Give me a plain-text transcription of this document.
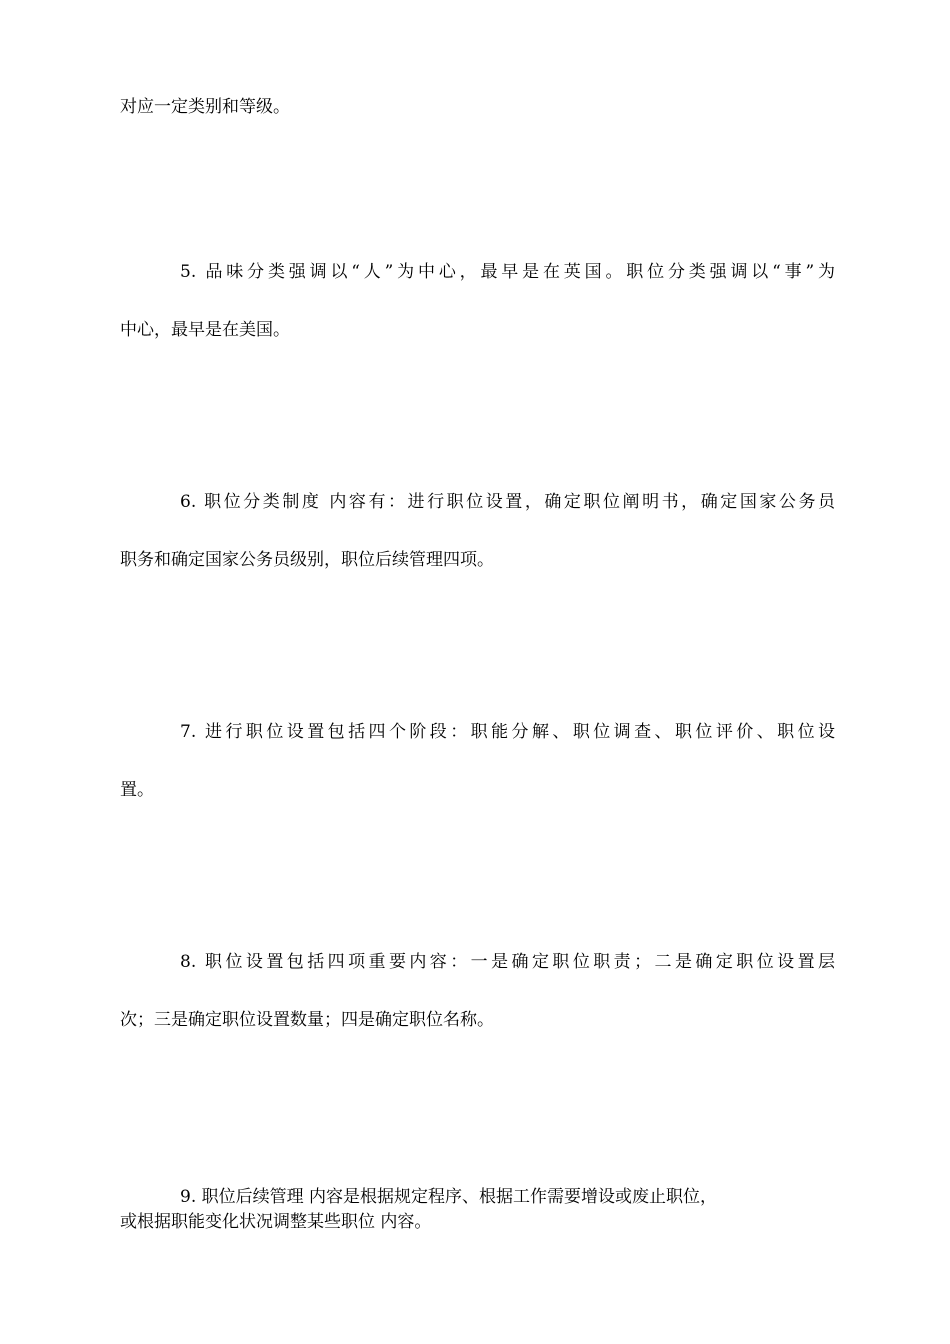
对应一定类别和等级。
5. 品味分类强调以“人”为中心，最早是在英国。职位分类强调以“事”为
中心，最早是在美国。
6. 职位分类制度 内容有：进行职位设置，确定职位阐明书，确定国家公务员
职务和确定国家公务员级别，职位后续管理四项。
7. 进行职位设置包括四个阶段：职能分解、职位调查、职位评价、职位设
置。
8. 职位设置包括四项重要内容：一是确定职位职责；二是确定职位设置层
次；三是确定职位设置数量；四是确定职位名称。
9. 职位后续管理 内容是根据规定程序、根据工作需要增设或废止职位，
或根据职能变化状况调整某些职位 内容。
